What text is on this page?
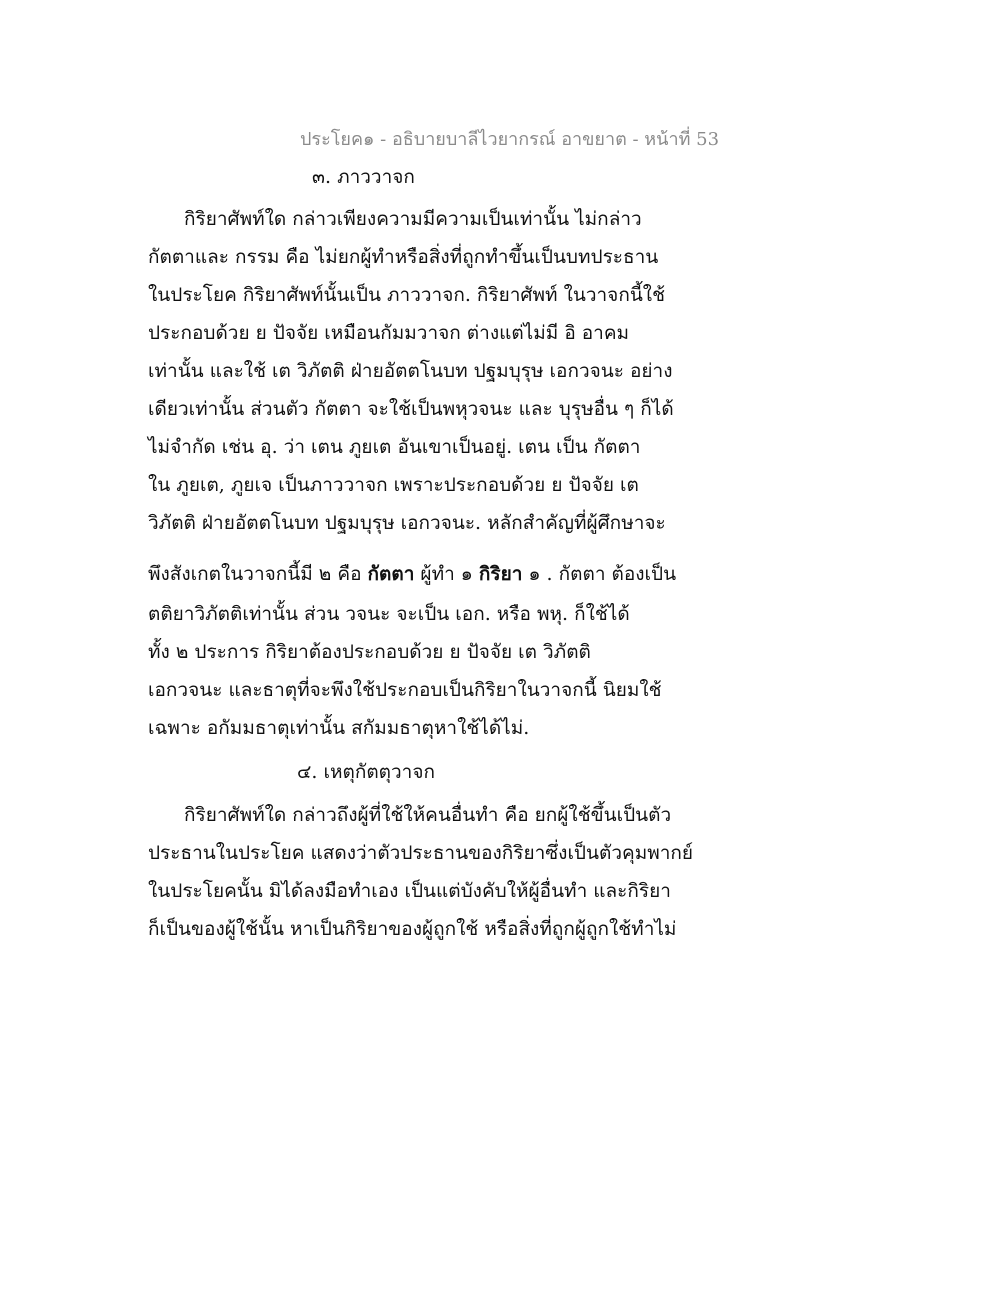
ประโยค๑ - อธิบายบาลีไวยากรณ์ อาขยาต - หน้าที่ 53
๓. ภาววาจก
กิริยาศัพท์ใด กล่าวเพียงความมีความเป็นเท่านั้น ไม่กล่าว
กัตตาและ กรรม คือ ไม่ยกผู้ทำหรือสิ่งที่ถูกทำขึ้นเป็นบทประธาน
ในประโยค กิริยาศัพท์นั้นเป็น ภาววาจก. กิริยาศัพท์ ในวาจกนี้ใช้
ประกอบด้วย ย ปัจจัย เหมือนกัมมวาจก ต่างแต่ไม่มี อิ อาคม
เท่านั้น และใช้ เต วิภัตติ ฝ่ายอัตตโนบท ปฐมบุรุษ เอกวจนะ อย่าง
เดียวเท่านั้น ส่วนตัว กัตตา จะใช้เป็นพหุวจนะ และ บุรุษอื่น ๆ ก็ได้
ไม่จำกัด เช่น อุ. ว่า เตน ภูยเต อันเขาเป็นอยู่. เตน เป็น กัตตา
ใน ภูยเต, ภูยเจ เป็นภาววาจก เพราะประกอบด้วย ย ปัจจัย เต
วิภัตติ ฝ่ายอัตตโนบท ปฐมบุรุษ เอกวจนะ. หลักสำคัญที่ผู้ศึกษาจะ
พึงสังเกตในวาจกนี้มี ๒ คือ กัตตา ผู้ทำ ๑ กิริยา ๑ . กัตตา ต้องเป็น
ตติยาวิภัตติเท่านั้น ส่วน วจนะ จะเป็น เอก. หรือ พหุ. ก็ใช้ได้
ทั้ง ๒ ประการ กิริยาต้องประกอบด้วย ย ปัจจัย เต วิภัตติ
เอกวจนะ และธาตุที่จะพึงใช้ประกอบเป็นกิริยาในวาจกนี้ นิยมใช้
เฉพาะ อกัมมธาตุเท่านั้น สกัมมธาตุหาใช้ได้ไม่.
๔. เหตุกัตตุวาจก
กิริยาศัพท์ใด กล่าวถึงผู้ที่ใช้ให้คนอื่นทำ คือ ยกผู้ใช้ขึ้นเป็นตัว
ประธานในประโยค แสดงว่าตัวประธานของกิริยาซึ่งเป็นตัวคุมพากย์
ในประโยคนั้น มิได้ลงมือทำเอง เป็นแต่บังคับให้ผู้อื่นทำ และกิริยา
ก็เป็นของผู้ใช้นั้น หาเป็นกิริยาของผู้ถูกใช้ หรือสิ่งที่ถูกผู้ถูกใช้ทำไม่
